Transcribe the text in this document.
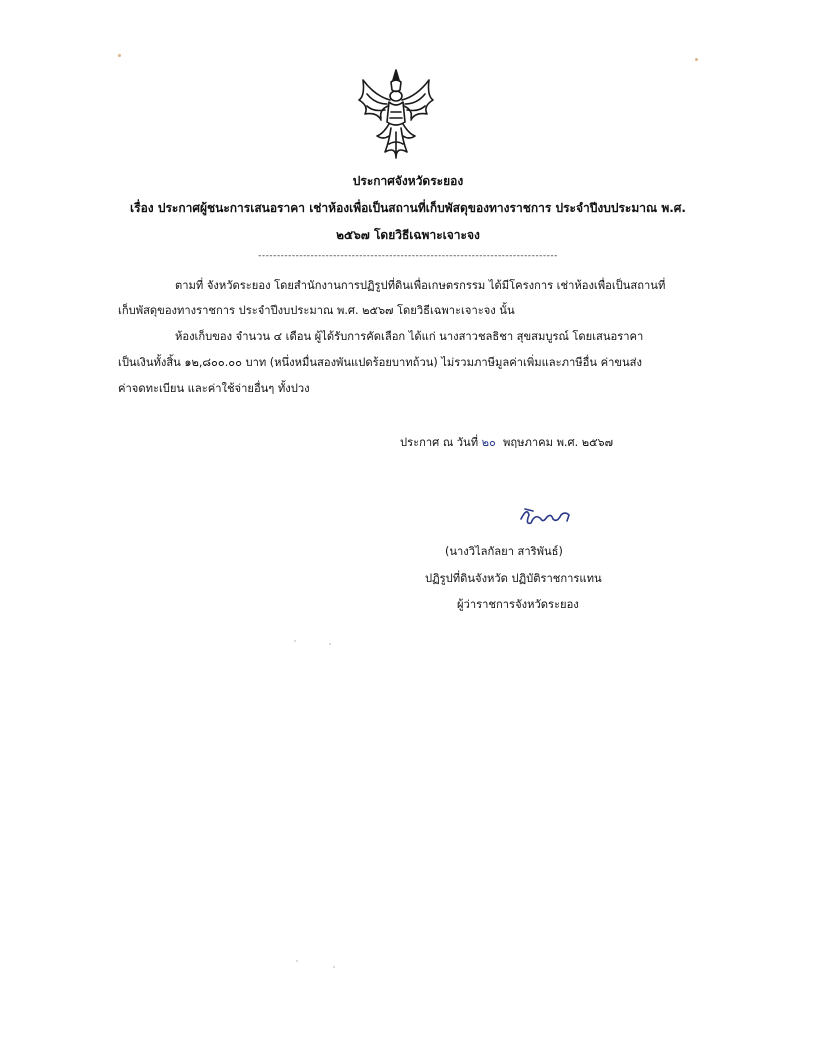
ประกาศจังหวัดระยอง
เรื่อง ประกาศผู้ชนะการเสนอราคา เช่าห้องเพื่อเป็นสถานที่เก็บพัสดุของทางราชการ ประจำปีงบประมาณ พ.ศ.
๒๕๖๗ โดยวิธีเฉพาะเจาะจง
--------------------------------------------------------------------------------
ตามที่ จังหวัดระยอง โดยสำนักงานการปฏิรูปที่ดินเพื่อเกษตรกรรม ได้มีโครงการ เช่าห้องเพื่อเป็นสถานที่
เก็บพัสดุของทางราชการ ประจำปีงบประมาณ พ.ศ. ๒๕๖๗ โดยวิธีเฉพาะเจาะจง นั้น
ห้องเก็บของ จำนวน ๔ เดือน ผู้ได้รับการคัดเลือก ได้แก่ นางสาวชลธิชา สุขสมบูรณ์ โดยเสนอราคา
เป็นเงินทั้งสิ้น ๑๒,๘๐๐.๐๐ บาท (หนึ่งหมื่นสองพันแปดร้อยบาทถ้วน) ไม่รวมภาษีมูลค่าเพิ่มและภาษีอื่น ค่าขนส่ง
ค่าจดทะเบียน และค่าใช้จ่ายอื่นๆ ทั้งปวง
ประกาศ ณ วันที่ ๒๐ พฤษภาคม พ.ศ. ๒๕๖๗
(นางวิไลกัลยา สาริพันธ์)
ปฏิรูปที่ดินจังหวัด ปฏิบัติราชการแทน
ผู้ว่าราชการจังหวัดระยอง
